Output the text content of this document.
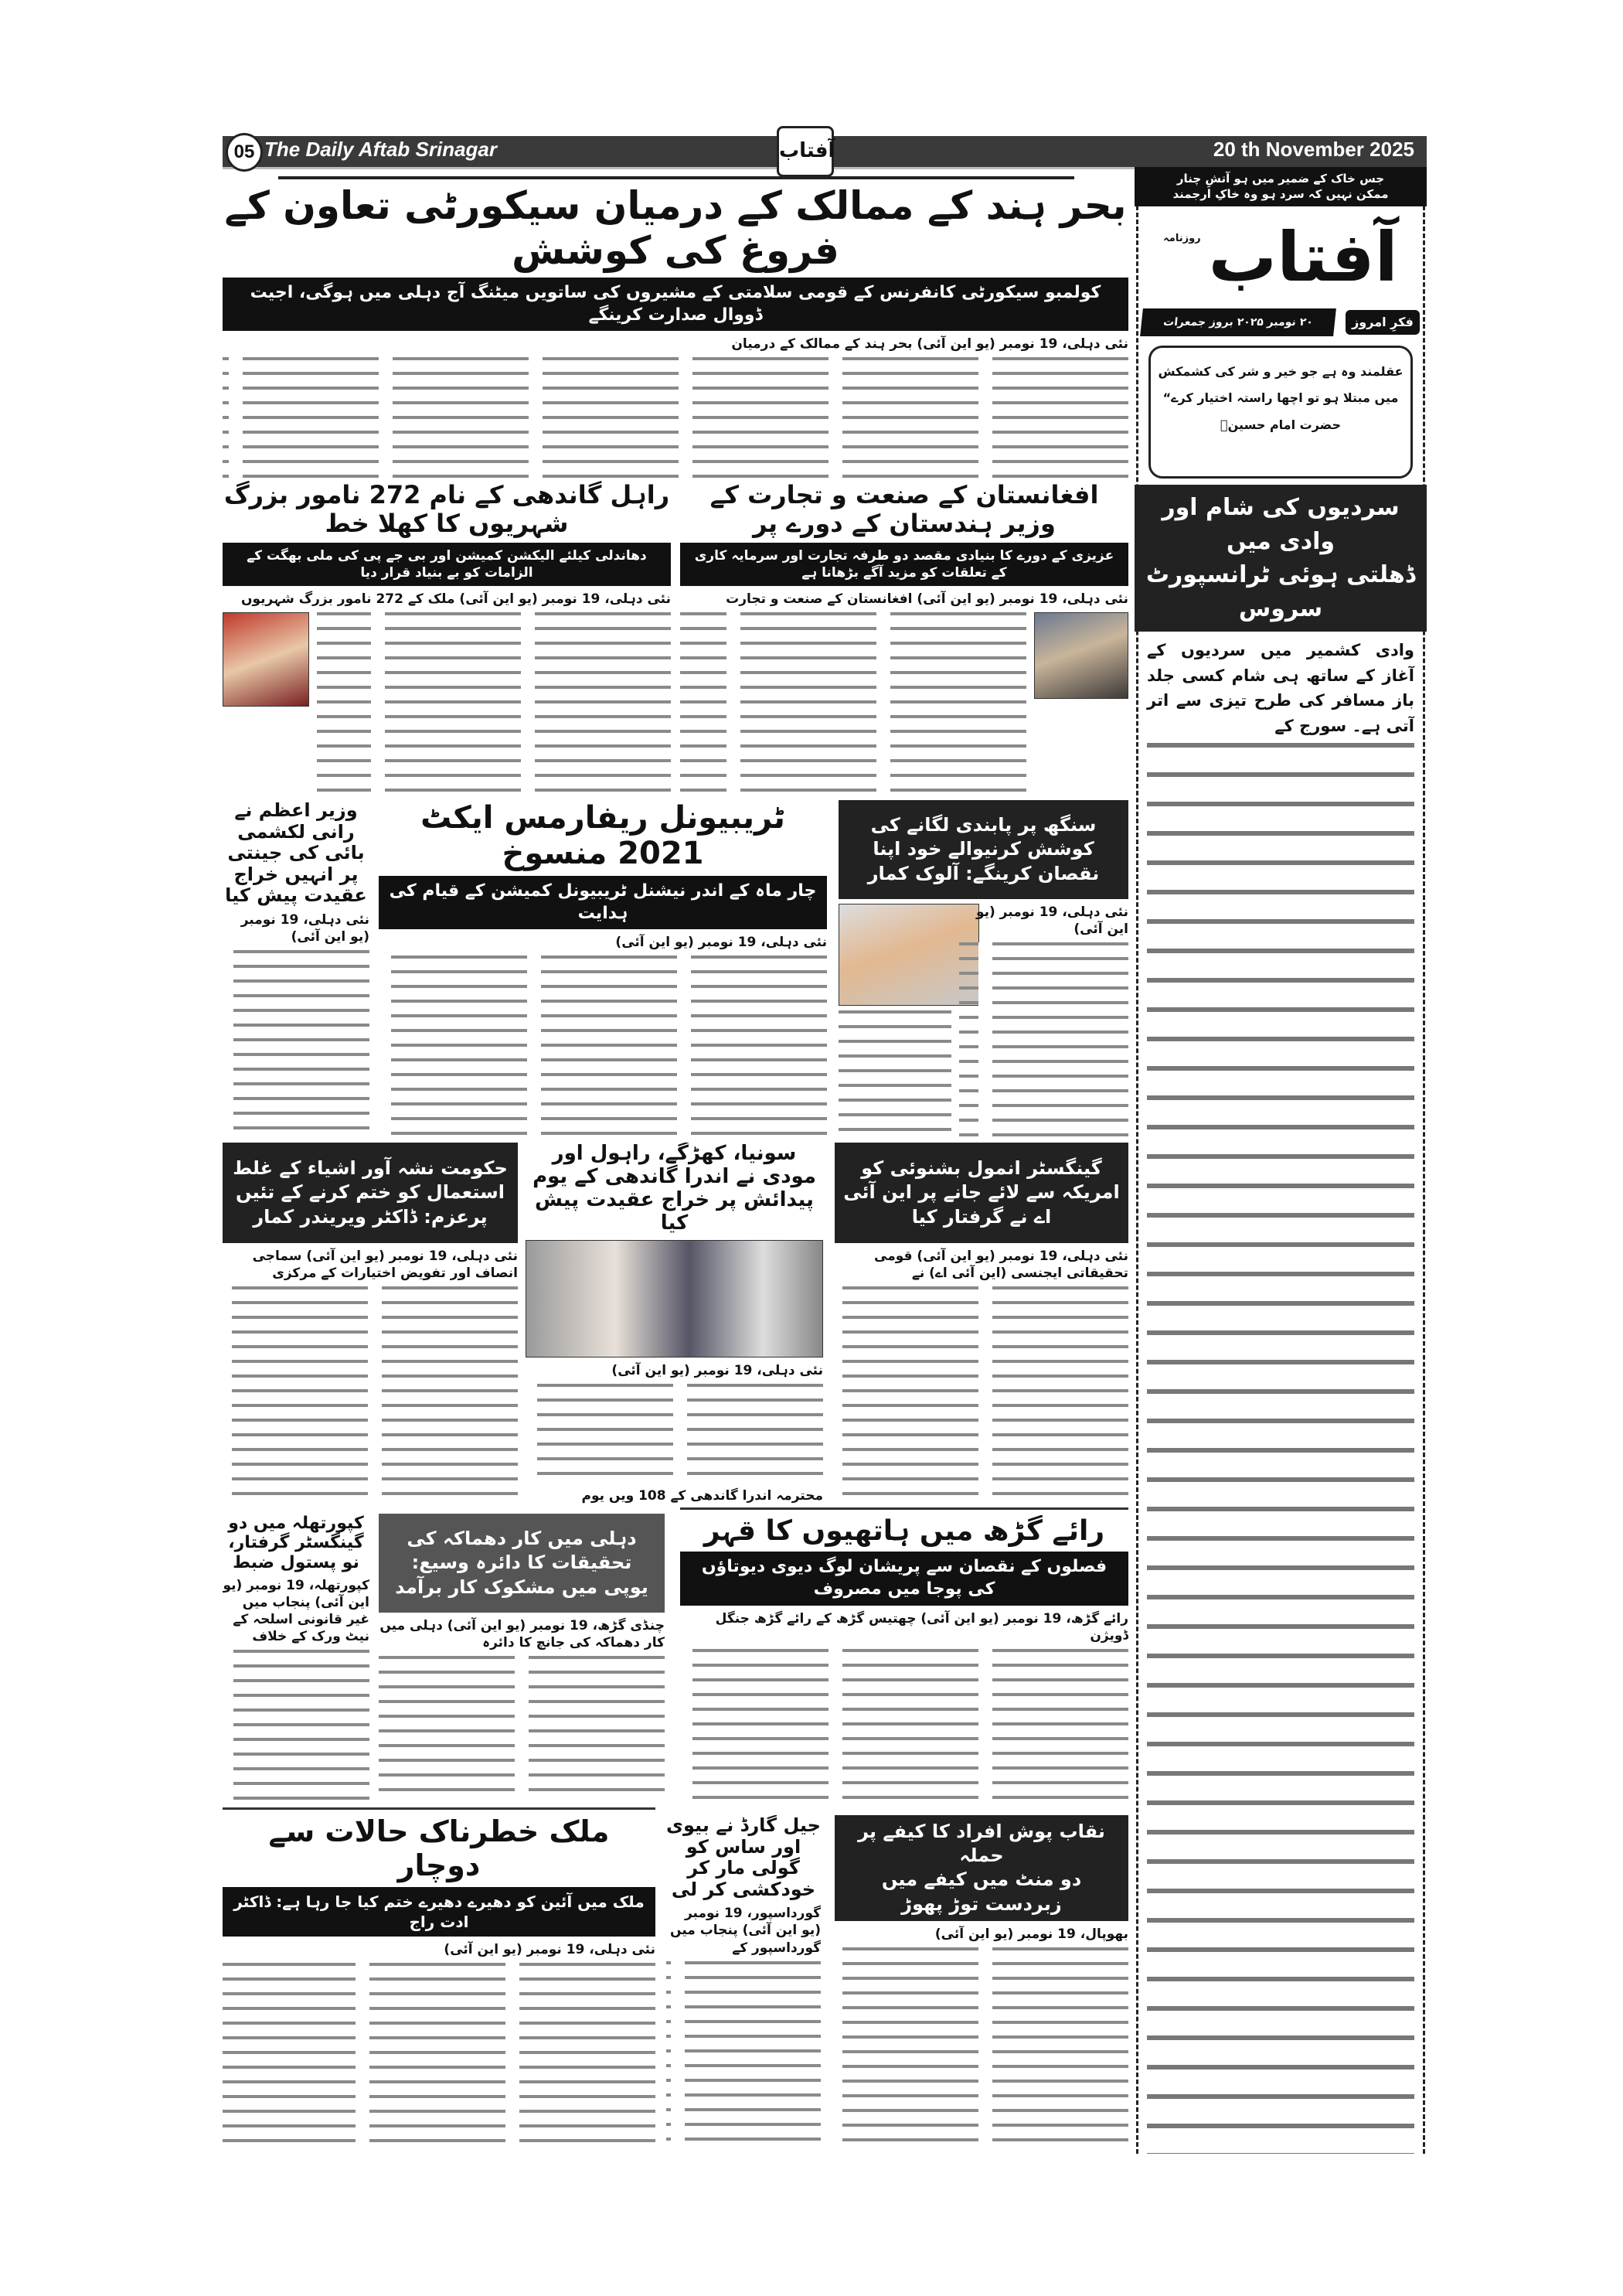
05 The Daily Aftab Srinagar	آفتاب	20 th November 2025
بحر ہند کے ممالک کے درمیان سیکورٹی تعاون کے فروغ کی کوشش
کولمبو سیکورٹی کانفرنس کے قومی سلامتی کے مشیروں کی ساتویں میٹنگ آج دہلی میں ہوگی، اجیت ڈووال صدارت کرینگے

نئی دہلی، 19 نومبر (یو این آئی) بحر ہند کے ممالک کے درمیان

راہل گاندھی کے نام 272 نامور بزرگ شہریوں کا کھلا خط
دھاندلی کیلئے الیکشن کمیشن اور بی جے پی کی ملی بھگت کے الزامات کو بے بنیاد قرار دیا

نئی دہلی، 19 نومبر (یو این آئی) ملک کے 272 نامور بزرگ شہریوں

افغانستان کے صنعت و تجارت کے وزیر ہندستان کے دورے پر
عزیزی کے دورے کا بنیادی مقصد دو طرفہ تجارت اور سرمایہ کاری کے تعلقات کو مزید آگے بڑھانا ہے

نئی دہلی، 19 نومبر (یو این آئی) افغانستان کے صنعت و تجارت

وزیر اعظم نے رانی لکشمی بائی کی جینتی پر انہیں خراج عقیدت پیش کیا

نئی دہلی، 19 نومبر (یو این آئی)

ٹریبیونل ریفارمس ایکٹ 2021 منسوخ
چار ماہ کے اندر نیشنل ٹریبیونل کمیشن کے قیام کی ہدایت

نئی دہلی، 19 نومبر (یو این آئی)

سنگھ پر پابندی لگانے کی کوشش کرنیوالے خود اپنا نقصان کرینگے: آلوک کمار

نئی دہلی، 19 نومبر (یو این آئی)

حکومت نشہ آور اشیاء کے غلط استعمال کو ختم کرنے کے تئیں پرعزم: ڈاکٹر ویریندر کمار

نئی دہلی، 19 نومبر (یو این آئی) سماجی انصاف اور تفویض اختیارات کے مرکزی

سونیا، کھڑگے، راہول اور مودی نے اندرا گاندھی کے یوم پیدائش پر خراج عقیدت پیش کیا

نئی دہلی، 19 نومبر (یو این آئی)

محترمہ اندرا گاندھی کے 108 ویں یوم

گینگسٹر انمول بشنوئی کو امریکہ سے لائے جانے پر این آئی اے نے گرفتار کیا

نئی دہلی، 19 نومبر (یو این آئی) قومی تحقیقاتی ایجنسی (این آئی اے) نے

کپورتھلہ میں دو گینگسٹر گرفتار، نو پستول ضبط

کپورتھلہ، 19 نومبر (یو این آئی) پنجاب میں غیر قانونی اسلحہ کے نیٹ ورک کے خلاف

دہلی میں کار دھماکہ کی تحقیقات کا دائرہ وسیع:
یوپی میں مشکوک کار برآمد

چنڈی گڑھ، 19 نومبر (یو این آئی) دہلی میں کار دھماکہ کی جانچ کا دائرہ

رائے گڑھ میں ہاتھیوں کا قہر
فصلوں کے نقصان سے پریشان لوگ دیوی دیوتاؤں کی پوجا میں مصروف

رائے گڑھ، 19 نومبر (یو این آئی) چھتیس گڑھ کے رائے گڑھ جنگل ڈویژن

ملک خطرناک حالات سے دوچار
ملک میں آئین کو دھیرے دھیرے ختم کیا جا رہا ہے: ڈاکٹر ادت راج

نئی دہلی، 19 نومبر (یو این آئی)

جیل گارڈ نے بیوی اور ساس کو گولی مار کر خودکشی کر لی

گورداسپور، 19 نومبر (یو این آئی) پنجاب میں گورداسپور کے

نقاب پوش افراد کا کیفے پر حملہ
دو منٹ میں کیفے میں زبردست توڑ پھوڑ

بھوپال، 19 نومبر (یو این آئی)

جس خاک کے ضمیر میں ہو آتشِ چنار
ممکن نہیں کہ سرد ہو وہ خاکِ ارجمند
روزنامہ آفتاب
۲۰ نومبر ۲۰۲۵ بروز جمعرات	فکرِ امروز
عقلمند وہ ہے جو خیر و شر کی کشمکش
میں مبتلا ہو تو اچھا راستہ اختیار کرے“
حضرت امام حسینؓ
سردیوں کی شام اور وادی میں
ڈھلتی ہوئی ٹرانسپورٹ سروس

وادی کشمیر میں سردیوں کے آغاز کے ساتھ ہی شام کسی جلد باز مسافر کی طرح تیزی سے اتر آتی ہے۔ سورج کے
